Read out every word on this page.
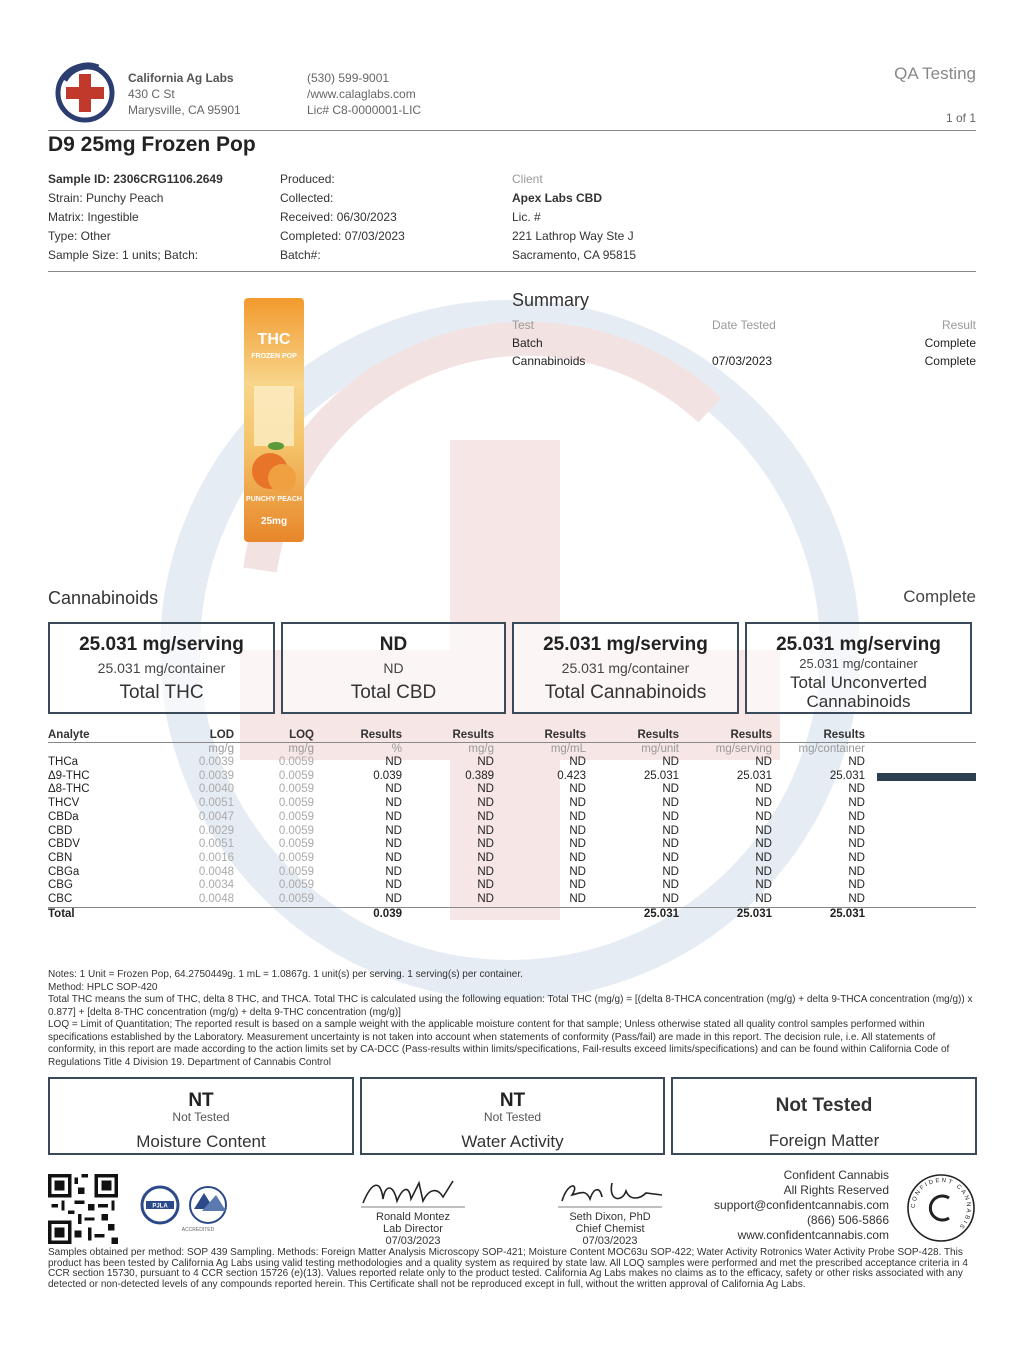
California Ag Labs
430 C St
Marysville, CA 95901
(530) 599-9001
/www.calaglabs.com
Lic# C8-0000001-LIC
QA Testing
1 of 1
D9 25mg Frozen Pop
Sample ID: 2306CRG1106.2649
Strain: Punchy Peach
Matrix: Ingestible
Type: Other
Sample Size: 1 units; Batch:
Produced:
Collected:
Received: 06/30/2023
Completed: 07/03/2023
Batch#:
Client
Apex Labs CBD
Lic. #
221 Lathrop Way Ste J
Sacramento, CA 95815
THC
FROZEN POP
PUNCHY PEACH
25mg
Summary
Test	Date Tested	Result
Batch		Complete
Cannabinoids	07/03/2023	Complete
Cannabinoids	Complete
25.031 mg/serving
25.031 mg/container
Total THC
ND
ND
Total CBD
25.031 mg/serving
25.031 mg/container
Total Cannabinoids
25.031 mg/serving
25.031 mg/container
Total Unconverted Cannabinoids
Analyte	LOD	LOQ	Results	Results	Results	Results	Results	Results	
	mg/g	mg/g	%	mg/g	mg/mL	mg/unit	mg/serving	mg/container	
THCa	0.0039	0.0059	ND	ND	ND	ND	ND	ND	
Δ9-THC	0.0039	0.0059	0.039	0.389	0.423	25.031	25.031	25.031	

Δ8-THC	0.0040	0.0059	ND	ND	ND	ND	ND	ND	
THCV	0.0051	0.0059	ND	ND	ND	ND	ND	ND	
CBDa	0.0047	0.0059	ND	ND	ND	ND	ND	ND	
CBD	0.0029	0.0059	ND	ND	ND	ND	ND	ND	
CBDV	0.0051	0.0059	ND	ND	ND	ND	ND	ND	
CBN	0.0016	0.0059	ND	ND	ND	ND	ND	ND	
CBGa	0.0048	0.0059	ND	ND	ND	ND	ND	ND	
CBG	0.0034	0.0059	ND	ND	ND	ND	ND	ND	
CBC	0.0048	0.0059	ND	ND	ND	ND	ND	ND	
Total			0.039			25.031	25.031	25.031	
Notes: 1 Unit = Frozen Pop, 64.2750449g. 1 mL = 1.0867g. 1 unit(s) per serving. 1 serving(s) per container.
Method: HPLC SOP-420
Total THC means the sum of THC, delta 8 THC, and THCA. Total THC is calculated using the following equation: Total THC (mg/g) = [(delta 8-THCA concentration (mg/g) + delta 9-THCA concentration (mg/g)) x 0.877] + [delta 8-THC concentration (mg/g) + delta 9-THC concentration (mg/g)]
LOQ = Limit of Quantitation; The reported result is based on a sample weight with the applicable moisture content for that sample; Unless otherwise stated all quality control samples performed within specifications established by the Laboratory. Measurement uncertainty is not taken into account when statements of conformity (Pass/fail) are made in this report. The decision rule, i.e. All statements of conformity, in this report are made according to the action limits set by CA-DCC (Pass-results within limits/specifications, Fail-results exceed limits/specifications) and can be found within California Code of Regulations Title 4 Division 19. Department of Cannabis Control
NT
Not Tested
Moisture Content
NT
Not Tested
Water Activity
Not Tested
Foreign Matter
PJLA
ACCREDITED
Ronald Montez
Lab Director
07/03/2023
Seth Dixon, PhD
Chief Chemist
07/03/2023
Confident Cannabis
All Rights Reserved
support@confidentcannabis.com
(866) 506-5866
www.confidentcannabis.com
CONFIDENT CANNABIS
Samples obtained per method: SOP 439 Sampling. Methods: Foreign Matter Analysis Microscopy SOP-421; Moisture Content MOC63u SOP-422; Water Activity Rotronics Water Activity Probe SOP-428. This product has been tested by California Ag Labs using valid testing methodologies and a quality system as required by state law. All LOQ samples were performed and met the prescribed acceptance criteria in 4 CCR section 15730, pursuant to 4 CCR section 15726 (e)(13). Values reported relate only to the product tested. California Ag Labs makes no claims as to the efficacy, safety or other risks associated with any detected or non-detected levels of any compounds reported herein. This Certificate shall not be reproduced except in full, without the written approval of California Ag Labs.
